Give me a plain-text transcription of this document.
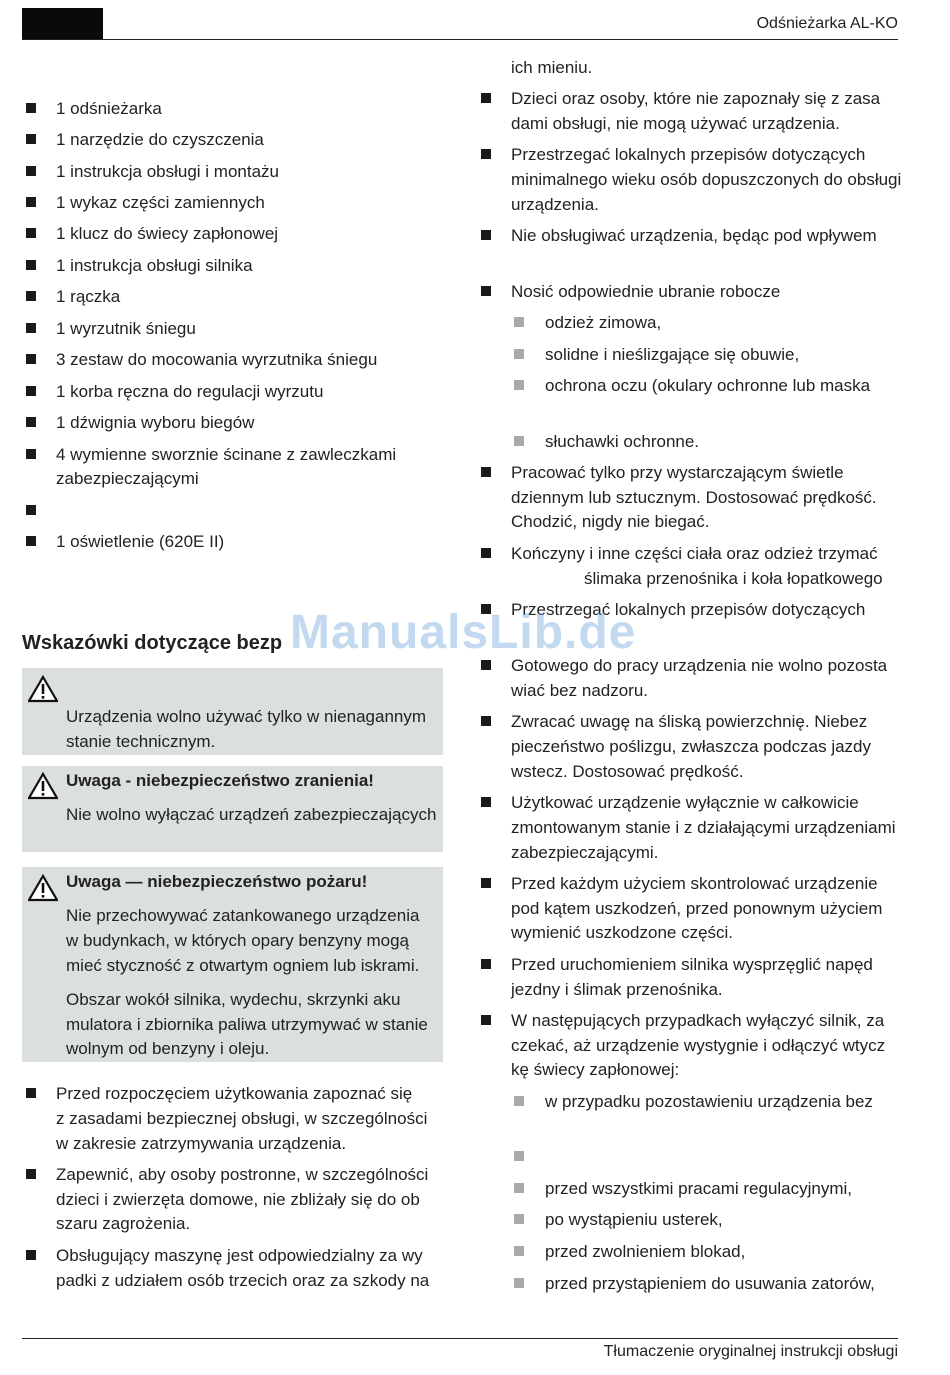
Odśnieżarka AL-KO
1 odśnieżarka
1 narzędzie do czyszczenia
1 instrukcja obsługi i montażu
1 wykaz części zamiennych
1 klucz do świecy zapłonowej
1 instrukcja obsługi silnika
1 rączka
1 wyrzutnik śniegu
3 zestaw do mocowania wyrzutnika śniegu
1 korba ręczna do regulacji wyrzutu
1 dźwignia wyboru biegów
4 wymienne sworznie ścinane z zawleczkami
zabezpieczającymi
1 oświetlenie (620E II)
Wskazówki dotyczące bezp
Urządzenia wolno używać tylko w nienagannym
stanie technicznym.
Uwaga - niebezpieczeństwo zranienia!
Nie wolno wyłączać urządzeń zabezpieczających
Uwaga — niebezpieczeństwo pożaru!
Nie przechowywać zatankowanego urządzenia
w budynkach, w których opary benzyny mogą
mieć styczność z otwartym ogniem lub iskrami.
Obszar wokół silnika, wydechu, skrzynki aku
mulatora i zbiornika paliwa utrzymywać w stanie
wolnym od benzyny i oleju.
Przed rozpoczęciem użytkowania zapoznać się
z zasadami bezpiecznej obsługi, w szczególności
w zakresie zatrzymywania urządzenia.
Zapewnić, aby osoby postronne, w szczególności
dzieci i zwierzęta domowe, nie zbliżały się do ob
szaru zagrożenia.
Obsługujący maszynę jest odpowiedzialny za wy
padki z udziałem osób trzecich oraz za szkody na
ich mieniu.
Dzieci oraz osoby, które nie zapoznały się z zasa
dami obsługi, nie mogą używać urządzenia.
Przestrzegać lokalnych przepisów dotyczących
minimalnego wieku osób dopuszczonych do obsługi
urządzenia.
Nie obsługiwać urządzenia, będąc pod wpływem
Nosić odpowiednie ubranie robocze
odzież zimowa,
solidne i nieślizgające się obuwie,
ochrona oczu (okulary ochronne lub maska
słuchawki ochronne.
Pracować tylko przy wystarczającym świetle
dziennym lub sztucznym. Dostosować prędkość.
Chodzić, nigdy nie biegać.
Kończyny i inne części ciała oraz odzież trzymać
ślimaka przenośnika i koła łopatkowego
Przestrzegać lokalnych przepisów dotyczących
Gotowego do pracy urządzenia nie wolno pozosta
wiać bez nadzoru.
Zwracać uwagę na śliską powierzchnię. Niebez
pieczeństwo poślizgu, zwłaszcza podczas jazdy
wstecz. Dostosować prędkość.
Użytkować urządzenie wyłącznie w całkowicie
zmontowanym stanie i z działającymi urządzeniami
zabezpieczającymi.
Przed każdym użyciem skontrolować urządzenie
pod kątem uszkodzeń, przed ponownym użyciem
wymienić uszkodzone części.
Przed uruchomieniem silnika wysprzęglić napęd
jezdny i ślimak przenośnika.
W następujących przypadkach wyłączyć silnik, za
czekać, aż urządzenie wystygnie i odłączyć wtycz
kę świecy zapłonowej:
w przypadku pozostawieniu urządzenia bez
przed wszystkimi pracami regulacyjnymi,
po wystąpieniu usterek,
przed zwolnieniem blokad,
przed przystąpieniem do usuwania zatorów,
ManualsLib.de
Tłumaczenie oryginalnej instrukcji obsługi
